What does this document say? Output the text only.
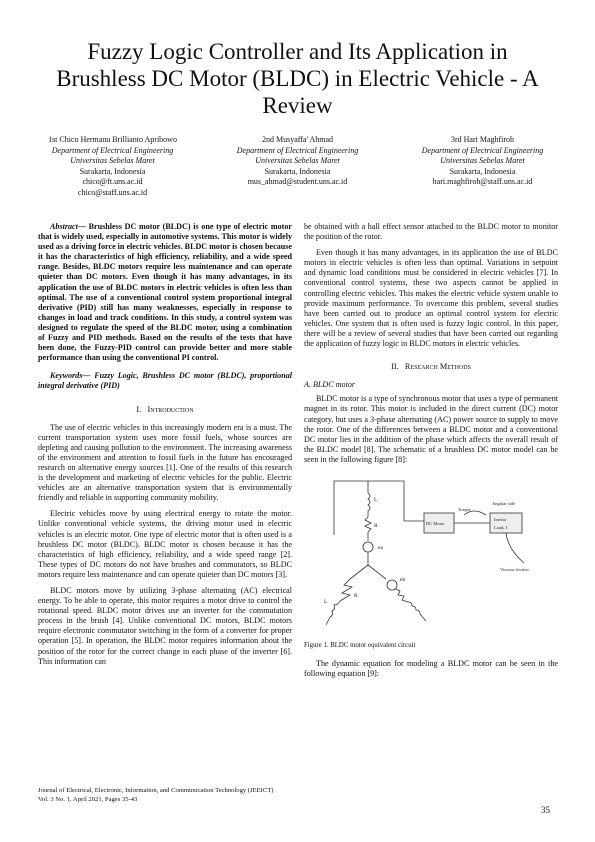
Fuzzy Logic Controller and Its Application in Brushless DC Motor (BLDC) in Electric Vehicle - A Review
1st Chico Hermanu Brillianto Apribowo
Department of Electrical Engineering
Universitas Sebelas Maret
Surakarta, Indonesia
chico@ft.uns.ac.id
chico@staff.uns.ac.id
2nd Musyaffa' Ahmad
Department of Electrical Engineering
Universitas Sebelas Maret
Surakarta, Indonesia
mus_ahmad@student.uns.ac.id
3rd Hari Maghfiroh
Department of Electrical Engineering
Universitas Sebelas Maret
Surakarta, Indonesia
hari.maghfiroh@staff.uns.ac.id

Abstract— Brushless DC motor (BLDC) is one type of electric motor that is widely used, especially in automotive systems. This motor is widely used as a driving force in electric vehicles. BLDC motor is chosen because it has the characteristics of high efficiency, reliability, and a wide speed range. Besides, BLDC motors require less maintenance and can operate quieter than DC motors. Even though it has many advantages, in its application the use of BLDC motors in electric vehicles is often less than optimal. The use of a conventional control system proportional integral derivative (PID) still has many weaknesses, especially in response to changes in load and track conditions. In this study, a control system was designed to regulate the speed of the BLDC motor, using a combination of Fuzzy and PID methods. Based on the results of the tests that have been done, the Fuzzy-PID control can provide better and more stable performance than using the conventional PI control.

Keywords— Fuzzy Logic, Brushless DC motor (BLDC), proportional integral derivative (PID)

I. Introduction

The use of electric vehicles in this increasingly modern era is a must. The current transportation system uses more fossil fuels, whose sources are depleting and causing pollution to the environment. The increasing awareness of the environment and attention to fossil fuels in the future has encouraged research on alternative energy sources [1]. One of the results of this research is the development and marketing of electric vehicles for the public. Electric vehicles are an alternative transportation system that is environmentally friendly and reliable in supporting community mobility.

Electric vehicles move by using electrical energy to rotate the motor. Unlike conventional vehicle systems, the driving motor used in electric vehicles is an electric motor. One type of electric motor that is often used is a brushless DC motor (BLDC). BLDC motor is chosen because it has the characteristics of high efficiency, reliability, and a wide speed range [2]. These types of DC motors do not have brushes and commutators, so BLDC motors require less maintenance and can operate quieter than DC motors [3].

BLDC motors move by utilizing 3-phase alternating (AC) electrical energy. To be able to operate, this motor requires a motor drive to control the rotational speed. BLDC motor drives use an inverter for the commutation process in the brush [4]. Unlike conventional DC motors, BLDC motors require electronic commutator switching in the form of a converter for proper operation [5]. In operation, the BLDC motor requires information about the position of the rotor for the correct change in each phase of the inverter [6]. This information can

be obtained with a hall effect sensor attached to the BLDC motor to monitor the position of the rotor.

Even though it has many advantages, in its application the use of BLDC motors in electric vehicles is often less than optimal. Variations in setpoint and dynamic load conditions must be considered in electric vehicles [7]. In conventional control systems, these two aspects cannot be applied in controlling electric vehicles. This makes the electric vehicle system unable to provide maximum performance. To overcome this problem, several studies have been carried out to produce an optimal control system for electric vehicles. One system that is often used is fuzzy logic control. In this paper, there will be a review of several studies that have been carried out regarding the application of fuzzy logic in BLDC motors in electric vehicles.

II. Research Methods
A. BLDC motor

BLDC motor is a type of synchronous motor that uses a type of permanent magnet in its rotor. This motor is included in the direct current (DC) motor category, but uses a 3-phase alternating (AC) power source to supply to move the rotor. One of the differences between a BLDC motor and a conventional DC motor lies in the addition of the phase which affects the overall result of the BLDC model [8]. The schematic of a brushless DC motor model can be seen in the following figure [8]:

L
R
ea
R
eb
L
DC Motor
Torque
Angular side
Inertia
Load, J
Viscous friction
Figure 1. BLDC motor equivalent circuit

The dynamic equation for modeling a BLDC motor can be seen in the following equation [9]:

Journal of Electrical, Electronic, Information, and Communication Technology (JEEICT)
Vol. 3 No. 1, April 2021, Pages 35-43
35
